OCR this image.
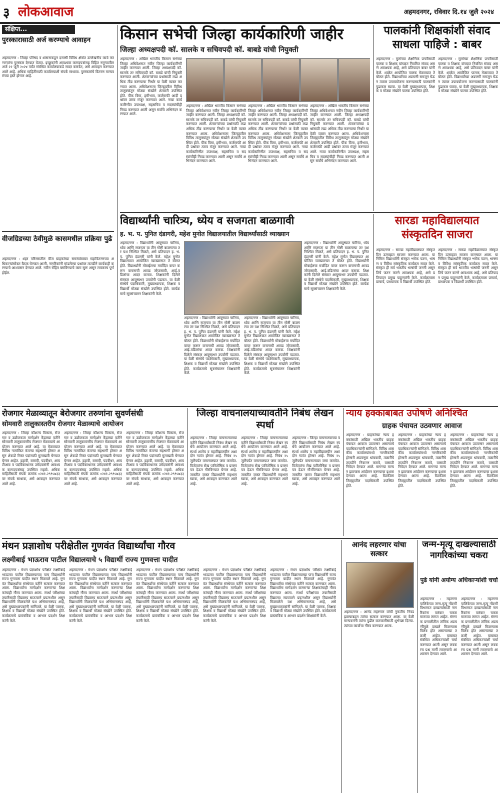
३ लोकआवाज	अहमदनगर, रविवार दि.१४ जुलै २०२४
संक्षिप्त...
पुरस्कारासाठी अर्ज करण्याचे आवाहन
अहमदनगर : जिल्हा परिषद व शासनाकडून दरवर्षी विविध क्षेत्रांत उल्लेखनीय कार्य करणाऱ्यांना पुरस्कार देण्यात येतात. इच्छुकांनी आवश्यक कागदपत्रांसह विहित नमुन्यातील अर्ज २२ जुलै २०२४ पर्यंत संबंधित कार्यालयाकडे सादर करावेत, असे आवाहन करण्यात आले आहे. अधिक माहितीसाठी कार्यालयाशी संपर्क साधावा. पुरस्कारांचे वितरण मान्यवरांच्या हस्ते होणार आहे.
वीजग्रिडच्या ठेवीमुळे कासमधील प्रक्रिया पुढे
अहमदनगर : शहर परिसरातील वीज ग्राहकांच्या समस्यांबाबत महावितरणच्या अधिकाऱ्यांसोबत बैठक घेण्यात आली. नागरिकांनी मांडलेल्या प्रश्नांवर तातडीने कार्यवाही करण्याचे आश्वासन देण्यात आले. नवीन रोहित्र बसविण्याचे काम सुरू असून लवकरच पूर्ण होईल.
किसान सभेची जिल्हा कार्यकारिणी जाहीर
जिल्हा अध्यक्षपदी कॉ. सालके व सचिवपदी कॉ. बाबडे यांची नियुक्ती
अहमदनगर : अखिल भारतीय किसान सभेच्या जिल्हा अधिवेशनात नवीन जिल्हा कार्यकारिणी जाहीर करण्यात आली. जिल्हा अध्यक्षपदी कॉ. सालके तर सचिवपदी कॉ. बाबडे यांची नियुक्ती करण्यात आली. शेतकऱ्यांच्या प्रश्नांसाठी लढा अधिक तीव्र करण्याचा निर्धार या वेळी व्यक्त करण्यात आला. अधिवेशनाला जिल्ह्यातील विविध तालुक्यांतून मोठ्या संख्येने शेतकरी उपस्थित होते. पीक विमा, हमीभाव, कर्जमाफी आदी प्रश्नांवर ठराव मंजूर करण्यात आले. नव्या कार्यकारिणीत उपाध्यक्ष, सहसचिव व सदस्यांचीही निवड करण्यात आली असून सर्वांचे अभिनंदन करण्यात आले.
अहमदनगर : अखिल भारतीय किसान सभेच्या जिल्हा अधिवेशनात नवीन जिल्हा कार्यकारिणी जाहीर करण्यात आली. जिल्हा अध्यक्षपदी कॉ. सालके तर सचिवपदी कॉ. बाबडे यांची नियुक्ती करण्यात आली. शेतकऱ्यांच्या प्रश्नांसाठी लढा अधिक तीव्र करण्याचा निर्धार या वेळी व्यक्त करण्यात आला. अधिवेशनाला जिल्ह्यातील विविध तालुक्यांतून मोठ्या संख्येने शेतकरी उपस्थित होते. पीक विमा, हमीभाव, कर्जमाफी आदी प्रश्नांवर ठराव मंजूर करण्यात आले. नव्या कार्यकारिणीत उपाध्यक्ष, सहसचिव व सदस्यांचीही निवड करण्यात आली असून सर्वांचे अभिनंदन करण्यात आले.
अहमदनगर : अखिल भारतीय किसान सभेच्या जिल्हा अधिवेशनात नवीन जिल्हा कार्यकारिणी जाहीर करण्यात आली. जिल्हा अध्यक्षपदी कॉ. सालके तर सचिवपदी कॉ. बाबडे यांची नियुक्ती करण्यात आली. शेतकऱ्यांच्या प्रश्नांसाठी लढा अधिक तीव्र करण्याचा निर्धार या वेळी व्यक्त करण्यात आला. अधिवेशनाला जिल्ह्यातील विविध तालुक्यांतून मोठ्या संख्येने शेतकरी उपस्थित होते. पीक विमा, हमीभाव, कर्जमाफी आदी प्रश्नांवर ठराव मंजूर करण्यात आले. नव्या कार्यकारिणीत उपाध्यक्ष, सहसचिव व सदस्यांचीही निवड करण्यात आली असून सर्वांचे अभिनंदन करण्यात आले.
अहमदनगर : अखिल भारतीय किसान सभेच्या जिल्हा अधिवेशनात नवीन जिल्हा कार्यकारिणी जाहीर करण्यात आली. जिल्हा अध्यक्षपदी कॉ. सालके तर सचिवपदी कॉ. बाबडे यांची नियुक्ती करण्यात आली. शेतकऱ्यांच्या प्रश्नांसाठी लढा अधिक तीव्र करण्याचा निर्धार या वेळी व्यक्त करण्यात आला. अधिवेशनाला जिल्ह्यातील विविध तालुक्यांतून मोठ्या संख्येने शेतकरी उपस्थित होते. पीक विमा, हमीभाव, कर्जमाफी आदी प्रश्नांवर ठराव मंजूर करण्यात आले. नव्या कार्यकारिणीत उपाध्यक्ष, सहसचिव व सदस्यांचीही निवड करण्यात आली असून सर्वांचे अभिनंदन करण्यात आले.
पालकांनी शिक्षकांशी संवाद साधला पाहिजे : बाबर
अहमदनगर : मुलांच्या शैक्षणिक प्रगतीसाठी पालक व शिक्षक यांच्यात नियमित संवाद असणे आवश्यक आहे, असे प्रतिपादन बाबर यांनी केले. शाळेत आयोजित पालक मेळाव्यात ते बोलत होते. विद्यार्थ्यांच्या अडचणी समजून घेऊन त्यावर उपाययोजना करण्यासाठी पालकांनी पुढाकार घ्यावा. या वेळी मुख्याध्यापक, शिक्षक व मोठ्या संख्येने पालक उपस्थित होते.
अहमदनगर : मुलांच्या शैक्षणिक प्रगतीसाठी पालक व शिक्षक यांच्यात नियमित संवाद असणे आवश्यक आहे, असे प्रतिपादन बाबर यांनी केले. शाळेत आयोजित पालक मेळाव्यात ते बोलत होते. विद्यार्थ्यांच्या अडचणी समजून घेऊन त्यावर उपाययोजना करण्यासाठी पालकांनी पुढाकार घ्यावा. या वेळी मुख्याध्यापक, शिक्षक व मोठ्या संख्येने पालक उपस्थित होते.
विद्यार्थ्यांनी चारित्र्य, ध्येय व सजगता बाळगावी
ह. भ. प. पुनित दंडागरी, महेश मुनोत विद्यालयातील विद्यार्थ्यांसाठी व्याख्यान
अहमदनगर : विद्यार्थ्यांनी आयुष्यात चारित्र्य, ध्येय आणि सजगता या तीन गोष्टी बाळगल्या तर यश निश्चित मिळते, असे प्रतिपादन ह. भ. प. पुनित दंडागरी यांनी केले. महेश मुनोत विद्यालयात आयोजित व्याख्यानात ते बोलत होते. विद्यार्थ्यांनी मोबाईलचा मर्यादित वापर करून वाचनाची आवड जोपासावी. आई-वडिलांचा आदर करावा. शिक्षकांनी दिलेले संस्कार आयुष्यभर उपयोगी पडतात. या वेळी संस्थेचे पदाधिकारी, मुख्याध्यापक, शिक्षक व विद्यार्थी मोठ्या संख्येने उपस्थित होते. कार्यक्रमाचे सूत्रसंचालन शिक्षकांनी केले.
अहमदनगर : विद्यार्थ्यांनी आयुष्यात चारित्र्य, ध्येय आणि सजगता या तीन गोष्टी बाळगल्या तर यश निश्चित मिळते, असे प्रतिपादन ह. भ. प. पुनित दंडागरी यांनी केले. महेश मुनोत विद्यालयात आयोजित व्याख्यानात ते बोलत होते. विद्यार्थ्यांनी मोबाईलचा मर्यादित वापर करून वाचनाची आवड जोपासावी. आई-वडिलांचा आदर करावा. शिक्षकांनी दिलेले संस्कार आयुष्यभर उपयोगी पडतात. या वेळी संस्थेचे पदाधिकारी, मुख्याध्यापक, शिक्षक व विद्यार्थी मोठ्या संख्येने उपस्थित होते. कार्यक्रमाचे सूत्रसंचालन शिक्षकांनी केले.
अहमदनगर : विद्यार्थ्यांनी आयुष्यात चारित्र्य, ध्येय आणि सजगता या तीन गोष्टी बाळगल्या तर यश निश्चित मिळते, असे प्रतिपादन ह. भ. प. पुनित दंडागरी यांनी केले. महेश मुनोत विद्यालयात आयोजित व्याख्यानात ते बोलत होते. विद्यार्थ्यांनी मोबाईलचा मर्यादित वापर करून वाचनाची आवड जोपासावी. आई-वडिलांचा आदर करावा. शिक्षकांनी दिलेले संस्कार आयुष्यभर उपयोगी पडतात. या वेळी संस्थेचे पदाधिकारी, मुख्याध्यापक, शिक्षक व विद्यार्थी मोठ्या संख्येने उपस्थित होते. कार्यक्रमाचे सूत्रसंचालन शिक्षकांनी केले.
अहमदनगर : विद्यार्थ्यांनी आयुष्यात चारित्र्य, ध्येय आणि सजगता या तीन गोष्टी बाळगल्या तर यश निश्चित मिळते, असे प्रतिपादन ह. भ. प. पुनित दंडागरी यांनी केले. महेश मुनोत विद्यालयात आयोजित व्याख्यानात ते बोलत होते. विद्यार्थ्यांनी मोबाईलचा मर्यादित वापर करून वाचनाची आवड जोपासावी. आई-वडिलांचा आदर करावा. शिक्षकांनी दिलेले संस्कार आयुष्यभर उपयोगी पडतात. या वेळी संस्थेचे पदाधिकारी, मुख्याध्यापक, शिक्षक व विद्यार्थी मोठ्या संख्येने उपस्थित होते. कार्यक्रमाचे सूत्रसंचालन शिक्षकांनी केले.
सारडा महाविद्यालयात संस्कृतदिन साजरा
अहमदनगर : सारडा महाविद्यालयात संस्कृत दिन उत्साहात साजरा करण्यात आला. या निमित्त विद्यार्थ्यांनी संस्कृत श्लोक पठण, भाषण व विविध सांस्कृतिक कार्यक्रम सादर केले. संस्कृत ही सर्व भारतीय भाषांची जननी असून तिचे जतन करणे आवश्यक आहे, असे प्रतिपादन प्रमुख पाहुण्यांनी केले. कार्यक्रमाला प्राचार्य, प्राध्यापक व विद्यार्थी उपस्थित होते.
अहमदनगर : सारडा महाविद्यालयात संस्कृत दिन उत्साहात साजरा करण्यात आला. या निमित्त विद्यार्थ्यांनी संस्कृत श्लोक पठण, भाषण व विविध सांस्कृतिक कार्यक्रम सादर केले. संस्कृत ही सर्व भारतीय भाषांची जननी असून तिचे जतन करणे आवश्यक आहे, असे प्रतिपादन प्रमुख पाहुण्यांनी केले. कार्यक्रमाला प्राचार्य, प्राध्यापक व विद्यार्थी उपस्थित होते.
रोजगार मेळाव्यातून बेरोजगार तरुणांना सुवर्णसंधी
सोमवारी तालुकास्तरीय रोजगार मेळाव्याचे आयोजन
अहमदनगर : जिल्हा कौशल्य विकास, रोजगार व उद्योजकता मार्गदर्शन केंद्राच्या वतीने सोमवारी तालुकास्तरीय रोजगार मेळाव्याचे आयोजन करण्यात आले आहे. या मेळाव्यात विविध नामांकित कंपन्या सहभागी होणार असून शेकडो रिक्त पदांसाठी मुलाखती घेण्यात येणार आहेत. दहावी, बारावी, पदवीधर, आयटीआय व पदविकाधारक उमेदवारांनी आवश्यक कागदपत्रांसह उपस्थित राहावे. अधिक माहितीसाठी संपर्क क्रमांक ०२४१-२९९५७३३ वर संपर्क साधावा, असे आवाहन करण्यात आले आहे.
अहमदनगर : जिल्हा कौशल्य विकास, रोजगार व उद्योजकता मार्गदर्शन केंद्राच्या वतीने सोमवारी तालुकास्तरीय रोजगार मेळाव्याचे आयोजन करण्यात आले आहे. या मेळाव्यात विविध नामांकित कंपन्या सहभागी होणार असून शेकडो रिक्त पदांसाठी मुलाखती घेण्यात येणार आहेत. दहावी, बारावी, पदवीधर, आयटीआय व पदविकाधारक उमेदवारांनी आवश्यक कागदपत्रांसह उपस्थित राहावे. अधिक माहितीसाठी संपर्क क्रमांक ०२४१-२९९५७३३ वर संपर्क साधावा, असे आवाहन करण्यात आले आहे.
अहमदनगर : जिल्हा कौशल्य विकास, रोजगार व उद्योजकता मार्गदर्शन केंद्राच्या वतीने सोमवारी तालुकास्तरीय रोजगार मेळाव्याचे आयोजन करण्यात आले आहे. या मेळाव्यात विविध नामांकित कंपन्या सहभागी होणार असून शेकडो रिक्त पदांसाठी मुलाखती घेण्यात येणार आहेत. दहावी, बारावी, पदवीधर, आयटीआय व पदविकाधारक उमेदवारांनी आवश्यक कागदपत्रांसह उपस्थित राहावे. अधिक माहितीसाठी संपर्क क्रमांक ०२४१-२९९५७३३ वर संपर्क साधावा, असे आवाहन करण्यात आले आहे.
जिल्हा वाचनालयाच्यावतीने निबंध लेखन स्पर्धा
अहमदनगर : जिल्हा वाचनालयाच्या वतीने विद्यार्थ्यांसाठी निबंध लेखन स्पर्धेचे आयोजन करण्यात आले आहे. स्पर्धा शालेय व महाविद्यालयीन अशा दोन गटांत होणार आहे. निबंध २५ जुलैपर्यंत वाचनालयात जमा करावेत. विजेत्यांना रोख पारितोषिक व प्रमाणपत्र देऊन गौरविण्यात येणार आहे. जास्तीत जास्त विद्यार्थ्यांनी सहभाग घ्यावा, असे आवाहन करण्यात आले आहे.
अहमदनगर : जिल्हा वाचनालयाच्या वतीने विद्यार्थ्यांसाठी निबंध लेखन स्पर्धेचे आयोजन करण्यात आले आहे. स्पर्धा शालेय व महाविद्यालयीन अशा दोन गटांत होणार आहे. निबंध २५ जुलैपर्यंत वाचनालयात जमा करावेत. विजेत्यांना रोख पारितोषिक व प्रमाणपत्र देऊन गौरविण्यात येणार आहे. जास्तीत जास्त विद्यार्थ्यांनी सहभाग घ्यावा, असे आवाहन करण्यात आले आहे.
अहमदनगर : जिल्हा वाचनालयाच्या वतीने विद्यार्थ्यांसाठी निबंध लेखन स्पर्धेचे आयोजन करण्यात आले आहे. स्पर्धा शालेय व महाविद्यालयीन अशा दोन गटांत होणार आहे. निबंध २५ जुलैपर्यंत वाचनालयात जमा करावेत. विजेत्यांना रोख पारितोषिक व प्रमाणपत्र देऊन गौरविण्यात येणार आहे. जास्तीत जास्त विद्यार्थ्यांनी सहभाग घ्यावा, असे आवाहन करण्यात आले आहे.
न्याय हक्काबाबत उपोषणे अनिश्चित
ग्राहक पंचायत उठवणार आवाज
अहमदनगर : ग्राहकांच्या न्याय हक्कांसाठी अखिल भारतीय ग्राहक पंचायत आवाज उठवणार असल्याचे पदाधिकाऱ्यांनी सांगितले. विविध शासकीय कार्यालयांमध्ये नागरिकांची होणारी अडवणूक थांबवावी, तक्रारींचे तातडीने निवारण करावे, यासाठी निवेदन देण्यात आले. मागण्या मान्य न झाल्यास आंदोलन करण्याचा इशारा देण्यात आला आहे. बैठकीला जिल्ह्यातील पदाधिकारी उपस्थित होते.
अहमदनगर : ग्राहकांच्या न्याय हक्कांसाठी अखिल भारतीय ग्राहक पंचायत आवाज उठवणार असल्याचे पदाधिकाऱ्यांनी सांगितले. विविध शासकीय कार्यालयांमध्ये नागरिकांची होणारी अडवणूक थांबवावी, तक्रारींचे तातडीने निवारण करावे, यासाठी निवेदन देण्यात आले. मागण्या मान्य न झाल्यास आंदोलन करण्याचा इशारा देण्यात आला आहे. बैठकीला जिल्ह्यातील पदाधिकारी उपस्थित होते.
अहमदनगर : ग्राहकांच्या न्याय हक्कांसाठी अखिल भारतीय ग्राहक पंचायत आवाज उठवणार असल्याचे पदाधिकाऱ्यांनी सांगितले. विविध शासकीय कार्यालयांमध्ये नागरिकांची होणारी अडवणूक थांबवावी, तक्रारींचे तातडीने निवारण करावे, यासाठी निवेदन देण्यात आले. मागण्या मान्य न झाल्यास आंदोलन करण्याचा इशारा देण्यात आला आहे. बैठकीला जिल्ह्यातील पदाधिकारी उपस्थित होते.
मंथन प्रज्ञाशोध परीक्षेतील गुणवंत विद्यार्थ्यांचा गौरव
लक्ष्मीबाई भाऊराव पाटील विद्यालयाचे ५ विद्यार्थी राज्य गुणवत्ता यादीत
अहमदनगर : मंथन प्रज्ञाशोध परीक्षेत लक्ष्मीबाई भाऊराव पाटील विद्यालयाच्या पाच विद्यार्थ्यांनी राज्य गुणवत्ता यादीत स्थान मिळवले आहे. गुणवंत विद्यार्थ्यांचा संस्थेच्या वतीने सत्कार करण्यात आला. विद्यार्थ्यांना मार्गदर्शन करणाऱ्या शिक्षकांचाही गौरव करण्यात आला. स्पर्धा परीक्षांच्या तयारीसाठी विद्यालय सातत्याने प्रयत्नशील असून विद्यार्थ्यांनी मिळवलेले यश अभिमानास्पद आहे, असे मुख्याध्यापकांनी सांगितले. या वेळी पालक, शिक्षक व विद्यार्थी मोठ्या संख्येने उपस्थित होते. कार्यक्रमाचे प्रास्ताविक व आभार प्रदर्शन शिक्षकांनी केले.
अहमदनगर : मंथन प्रज्ञाशोध परीक्षेत लक्ष्मीबाई भाऊराव पाटील विद्यालयाच्या पाच विद्यार्थ्यांनी राज्य गुणवत्ता यादीत स्थान मिळवले आहे. गुणवंत विद्यार्थ्यांचा संस्थेच्या वतीने सत्कार करण्यात आला. विद्यार्थ्यांना मार्गदर्शन करणाऱ्या शिक्षकांचाही गौरव करण्यात आला. स्पर्धा परीक्षांच्या तयारीसाठी विद्यालय सातत्याने प्रयत्नशील असून विद्यार्थ्यांनी मिळवलेले यश अभिमानास्पद आहे, असे मुख्याध्यापकांनी सांगितले. या वेळी पालक, शिक्षक व विद्यार्थी मोठ्या संख्येने उपस्थित होते. कार्यक्रमाचे प्रास्ताविक व आभार प्रदर्शन शिक्षकांनी केले.
अहमदनगर : मंथन प्रज्ञाशोध परीक्षेत लक्ष्मीबाई भाऊराव पाटील विद्यालयाच्या पाच विद्यार्थ्यांनी राज्य गुणवत्ता यादीत स्थान मिळवले आहे. गुणवंत विद्यार्थ्यांचा संस्थेच्या वतीने सत्कार करण्यात आला. विद्यार्थ्यांना मार्गदर्शन करणाऱ्या शिक्षकांचाही गौरव करण्यात आला. स्पर्धा परीक्षांच्या तयारीसाठी विद्यालय सातत्याने प्रयत्नशील असून विद्यार्थ्यांनी मिळवलेले यश अभिमानास्पद आहे, असे मुख्याध्यापकांनी सांगितले. या वेळी पालक, शिक्षक व विद्यार्थी मोठ्या संख्येने उपस्थित होते. कार्यक्रमाचे प्रास्ताविक व आभार प्रदर्शन शिक्षकांनी केले.
अहमदनगर : मंथन प्रज्ञाशोध परीक्षेत लक्ष्मीबाई भाऊराव पाटील विद्यालयाच्या पाच विद्यार्थ्यांनी राज्य गुणवत्ता यादीत स्थान मिळवले आहे. गुणवंत विद्यार्थ्यांचा संस्थेच्या वतीने सत्कार करण्यात आला. विद्यार्थ्यांना मार्गदर्शन करणाऱ्या शिक्षकांचाही गौरव करण्यात आला. स्पर्धा परीक्षांच्या तयारीसाठी विद्यालय सातत्याने प्रयत्नशील असून विद्यार्थ्यांनी मिळवलेले यश अभिमानास्पद आहे, असे मुख्याध्यापकांनी सांगितले. या वेळी पालक, शिक्षक व विद्यार्थी मोठ्या संख्येने उपस्थित होते. कार्यक्रमाचे प्रास्ताविक व आभार प्रदर्शन शिक्षकांनी केले.
अहमदनगर : मंथन प्रज्ञाशोध परीक्षेत लक्ष्मीबाई भाऊराव पाटील विद्यालयाच्या पाच विद्यार्थ्यांनी राज्य गुणवत्ता यादीत स्थान मिळवले आहे. गुणवंत विद्यार्थ्यांचा संस्थेच्या वतीने सत्कार करण्यात आला. विद्यार्थ्यांना मार्गदर्शन करणाऱ्या शिक्षकांचाही गौरव करण्यात आला. स्पर्धा परीक्षांच्या तयारीसाठी विद्यालय सातत्याने प्रयत्नशील असून विद्यार्थ्यांनी मिळवलेले यश अभिमानास्पद आहे, असे मुख्याध्यापकांनी सांगितले. या वेळी पालक, शिक्षक व विद्यार्थी मोठ्या संख्येने उपस्थित होते. कार्यक्रमाचे प्रास्ताविक व आभार प्रदर्शन शिक्षकांनी केले.
आनंद लहरणार यांचा सत्कार
अहमदनगर : आनंद लहरणार यांची नुकतीच निवड झाल्याबद्दल त्यांचा सत्कार करण्यात आला. या वेळी मान्यवरांनी त्यांना पुढील वाटचालीसाठी शुभेच्छा दिल्या. त्यांच्या कार्याचा गौरव करण्यात आला.
जन्म-मृत्यू दाखल्यासाठी नागरिकांच्या चकरा
पुढे यांनी अयोग्य अधिकाऱ्यांशी चर्चा
अहमदनगर : महानगरपालिकेच्या जन्म-मृत्यू नोंदणी विभागात दाखल्यांसाठी नागरिकांना वारंवार चकरा माराव्या लागत आहेत. संगणक प्रणालीतील तांत्रिक अडचणींमुळे दाखले मिळण्यास विलंब होत असल्याच्या तक्रारी आहेत. याबाबत संबंधित अधिकाऱ्यांशी चर्चा करण्यात आली असून लवकरच प्रश्न मार्गी लावण्याचे आश्वासन देण्यात आले.
अहमदनगर : महानगरपालिकेच्या जन्म-मृत्यू नोंदणी विभागात दाखल्यांसाठी नागरिकांना वारंवार चकरा माराव्या लागत आहेत. संगणक प्रणालीतील तांत्रिक अडचणींमुळे दाखले मिळण्यास विलंब होत असल्याच्या तक्रारी आहेत. याबाबत संबंधित अधिकाऱ्यांशी चर्चा करण्यात आली असून लवकरच प्रश्न मार्गी लावण्याचे आश्वासन देण्यात आले.
